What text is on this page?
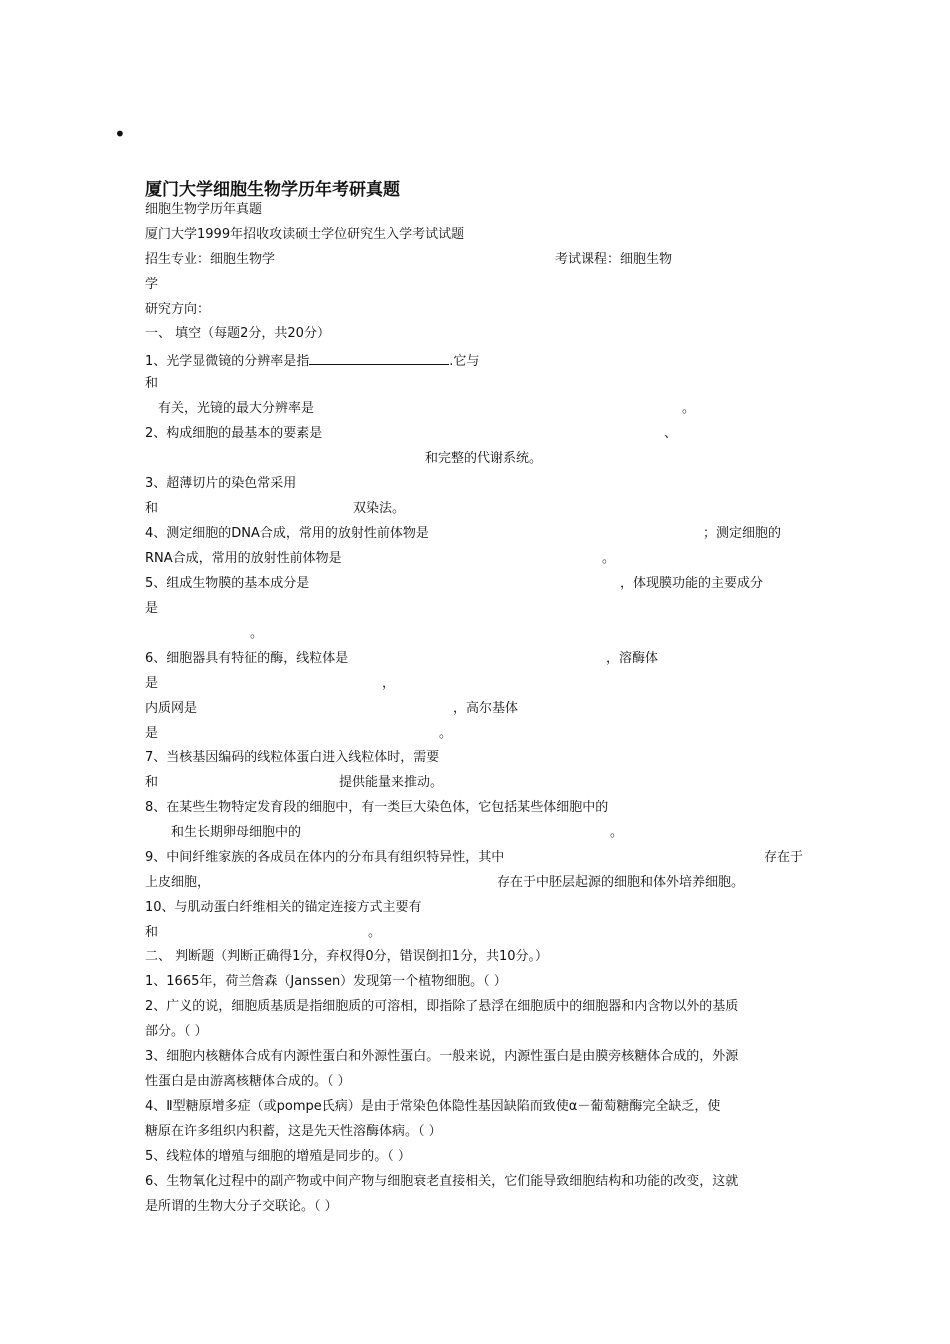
•
厦门大学细胞生物学历年考研真题
细胞生物学历年真题
厦门大学1999年招收攻读硕士学位研究生入学考试试题
招生专业：细胞生物学	考试课程：细胞生物
学
研究方向：
一、 填空（每题2分，共20分）
1、光学显微镜的分辨率是指	.它与
和
有关，光镜的最大分辨率是	。
2、构成细胞的最基本的要素是	、
和完整的代谢系统。
3、超薄切片的染色常采用
和	双染法。
4、测定细胞的DNA合成，常用的放射性前体物是	；测定细胞的
RNA合成，常用的放射性前体物是	。
5、组成生物膜的基本成分是	，体现膜功能的主要成分
是
。
6、细胞器具有特征的酶，线粒体是	，溶酶体
是	，
内质网是	，高尔基体
是	。
7、当核基因编码的线粒体蛋白进入线粒体时，需要
和	提供能量来推动。
8、在某些生物特定发育段的细胞中，有一类巨大染色体，它包括某些体细胞中的
和生长期卵母细胞中的	。
9、中间纤维家族的各成员在体内的分布具有组织特异性，其中	存在于
上皮细胞，	存在于中胚层起源的细胞和体外培养细胞。
10、与肌动蛋白纤维相关的锚定连接方式主要有
和	。
二、 判断题（判断正确得1分，弃权得0分，错误倒扣1分，共10分。）
1、1665年，荷兰詹森（Janssen）发现第一个植物细胞。（ ）
2、广义的说，细胞质基质是指细胞质的可溶相，即指除了悬浮在细胞质中的细胞器和内含物以外的基质
部分。（ ）
3、细胞内核糖体合成有内源性蛋白和外源性蛋白。一般来说，内源性蛋白是由膜旁核糖体合成的，外源
性蛋白是由游离核糖体合成的。（ ）
4、Ⅱ型糖原增多症（或pompe氏病）是由于常染色体隐性基因缺陷而致使α－葡萄糖酶完全缺乏，使
糖原在许多组织内积蓄，这是先天性溶酶体病。（ ）
5、线粒体的增殖与细胞的增殖是同步的。（ ）
6、生物氧化过程中的副产物或中间产物与细胞衰老直接相关，它们能导致细胞结构和功能的改变，这就
是所谓的生物大分子交联论。（ ）
